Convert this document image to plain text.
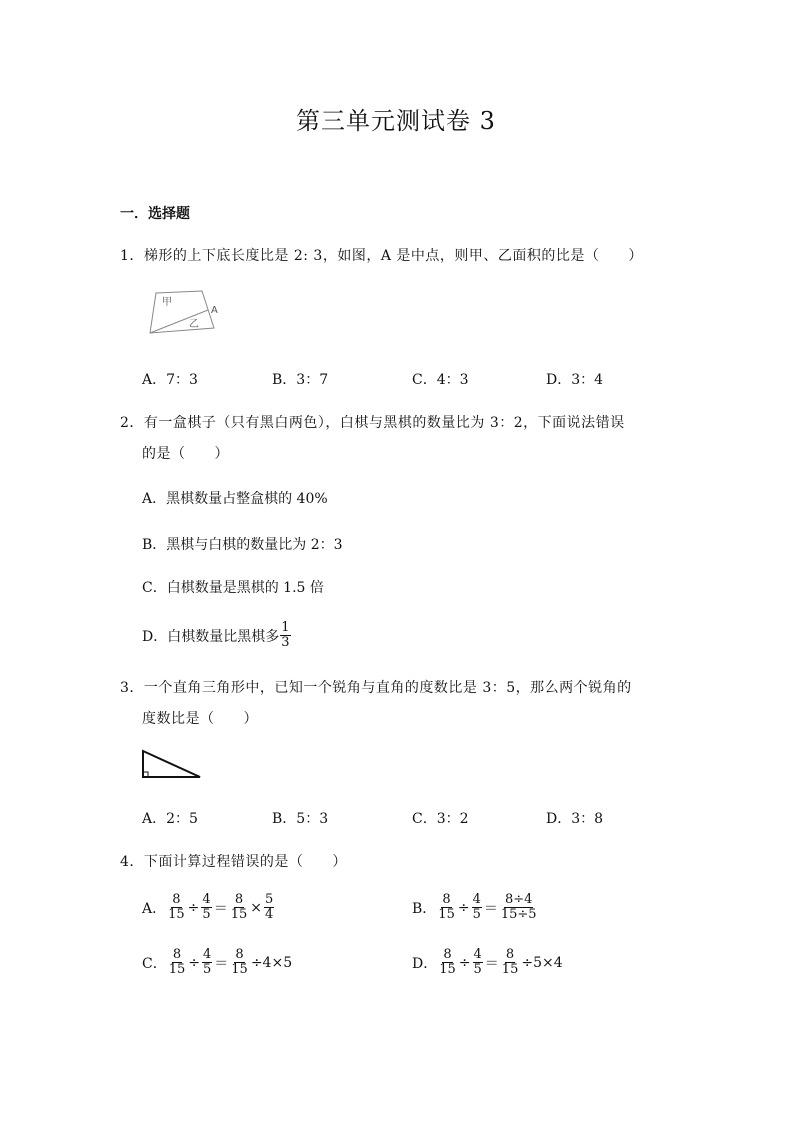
第三单元测试卷 3
一．选择题
1．梯形的上下底长度比是 2: 3，如图，A 是中点，则甲、乙面积的比是（　　）
甲
乙
A
A．7：3	B．3：7	C．4：3	D．3：4
2．有一盒棋子（只有黑白两色），白棋与黑棋的数量比为 3：2，下面说法错误
的是（　　）
A．黑棋数量占整盒棋的 40%
B．黑棋与白棋的数量比为 2：3
C．白棋数量是黑棋的 1.5 倍
D．白棋数量比黑棋多 $\frac{1}{3}$
3．一个直角三角形中，已知一个锐角与直角的度数比是 3：5，那么两个锐角的
度数比是（　　）
A．2：5	B．5：3	C．3：2	D．3：8
4．下面计算过程错误的是（　　）
A． $\frac{8}{15} \div \frac{4}{5} = \frac{8}{15} \times \frac{5}{4}$	B． $\frac{8}{15} \div \frac{4}{5} = \frac{8\div 4}{15\div 5}$
C． $\frac{8}{15} \div \frac{4}{5} = \frac{8}{15} \div 4\times 5$	D． $\frac{8}{15} \div \frac{4}{5} = \frac{8}{15} \div 5\times 4$
